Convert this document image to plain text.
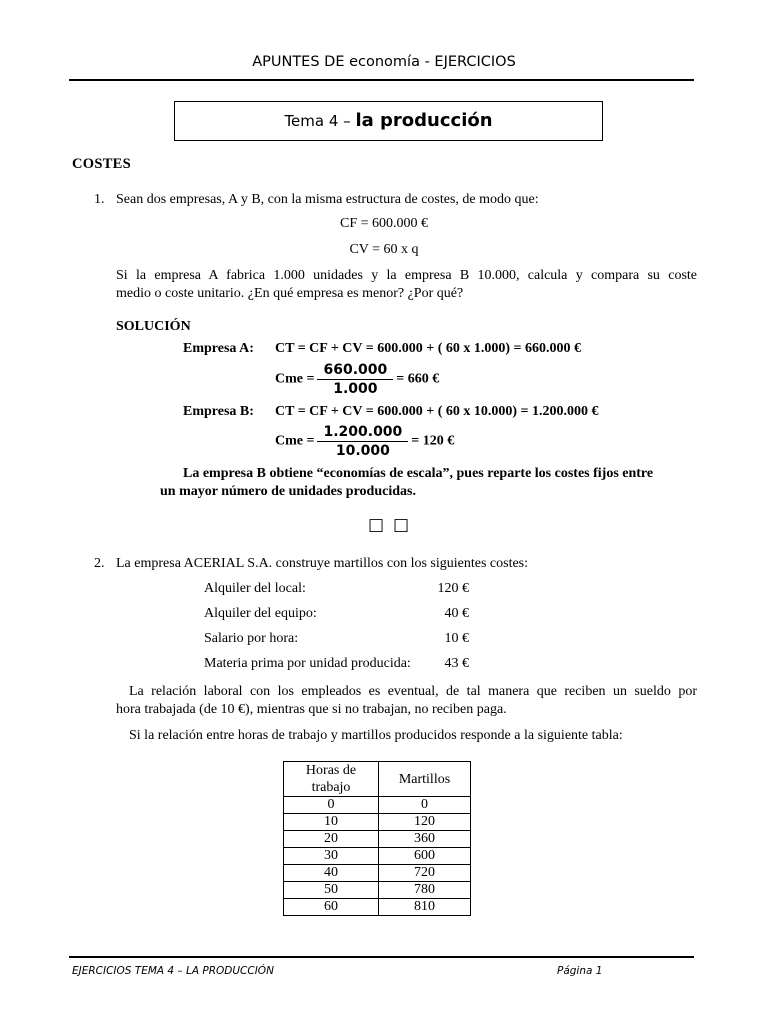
APUNTES DE economía - EJERCICIOS
Tema 4 – la producción
COSTES
1. Sean dos empresas, A y B, con la misma estructura de costes, de modo que:
CF = 600.000 €
CV = 60 x q
Si la empresa A fabrica 1.000 unidades y la empresa B 10.000, calcula y compara su coste
medio o coste unitario. ¿En qué empresa es menor? ¿Por qué?
SOLUCIÓN
Empresa A: CT = CF + CV = 600.000 + ( 60 x 1.000) = 660.000 €
Cme = $\frac{660.000}{1.000} = 660$ €
Empresa B: CT = CF + CV = 600.000 + ( 60 x 10.000) = 1.200.000 €
Cme = $\frac{1.200.000}{10.000} = 120$ €
La empresa B obtiene “economías de escala”, pues reparte los costes fijos entre
un mayor número de unidades producidas.
□□
2. La empresa ACERIAL S.A. construye martillos con los siguientes costes:
Alquiler del local:	120 €
Alquiler del equipo:	40 €
Salario por hora:	10 €
Materia prima por unidad producida:	43 €
La relación laboral con los empleados es eventual, de tal manera que reciben un sueldo por
hora trabajada (de 10 €), mientras que si no trabajan, no reciben paga.
Si la relación entre horas de trabajo y martillos producidos responde a la siguiente tabla:
Horas de
trabajo	Martillos
0	0
10	120
20	360
30	600
40	720
50	780
60	810
EJERCICIOS TEMA 4 – LA PRODUCCIÓN	Página 1
